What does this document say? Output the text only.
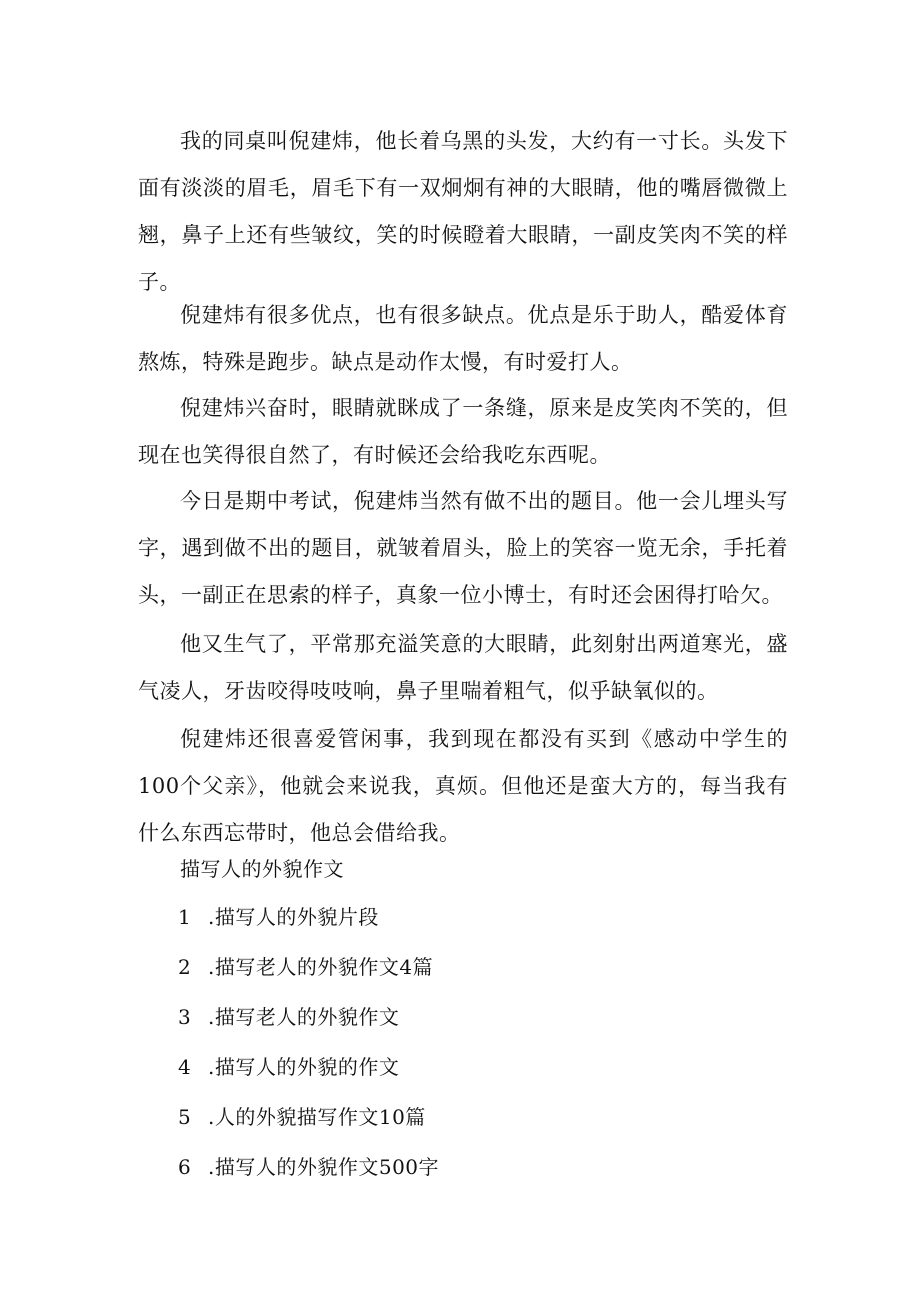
我的同桌叫倪建炜，他长着乌黑的头发，大约有一寸长。头发下面有淡淡的眉毛，眉毛下有一双炯炯有神的大眼睛，他的嘴唇微微上翘，鼻子上还有些皱纹，笑的时候瞪着大眼睛，一副皮笑肉不笑的样子。

倪建炜有很多优点，也有很多缺点。优点是乐于助人，酷爱体育熬炼，特殊是跑步。缺点是动作太慢，有时爱打人。

倪建炜兴奋时，眼睛就眯成了一条缝，原来是皮笑肉不笑的，但现在也笑得很自然了，有时候还会给我吃东西呢。

今日是期中考试，倪建炜当然有做不出的题目。他一会儿埋头写字，遇到做不出的题目，就皱着眉头，脸上的笑容一览无余，手托着头，一副正在思索的样子，真象一位小博士，有时还会困得打哈欠。

他又生气了，平常那充溢笑意的大眼睛，此刻射出两道寒光，盛气凌人，牙齿咬得吱吱响，鼻子里喘着粗气，似乎缺氧似的。

倪建炜还很喜爱管闲事，我到现在都没有买到《感动中学生的100个父亲》，他就会来说我，真烦。但他还是蛮大方的，每当我有什么东西忘带时，他总会借给我。

描写人的外貌作文

1 .描写人的外貌片段
2 .描写老人的外貌作文4篇
3 .描写老人的外貌作文
4 .描写人的外貌的作文
5 .人的外貌描写作文10篇
6 .描写人的外貌作文500字
